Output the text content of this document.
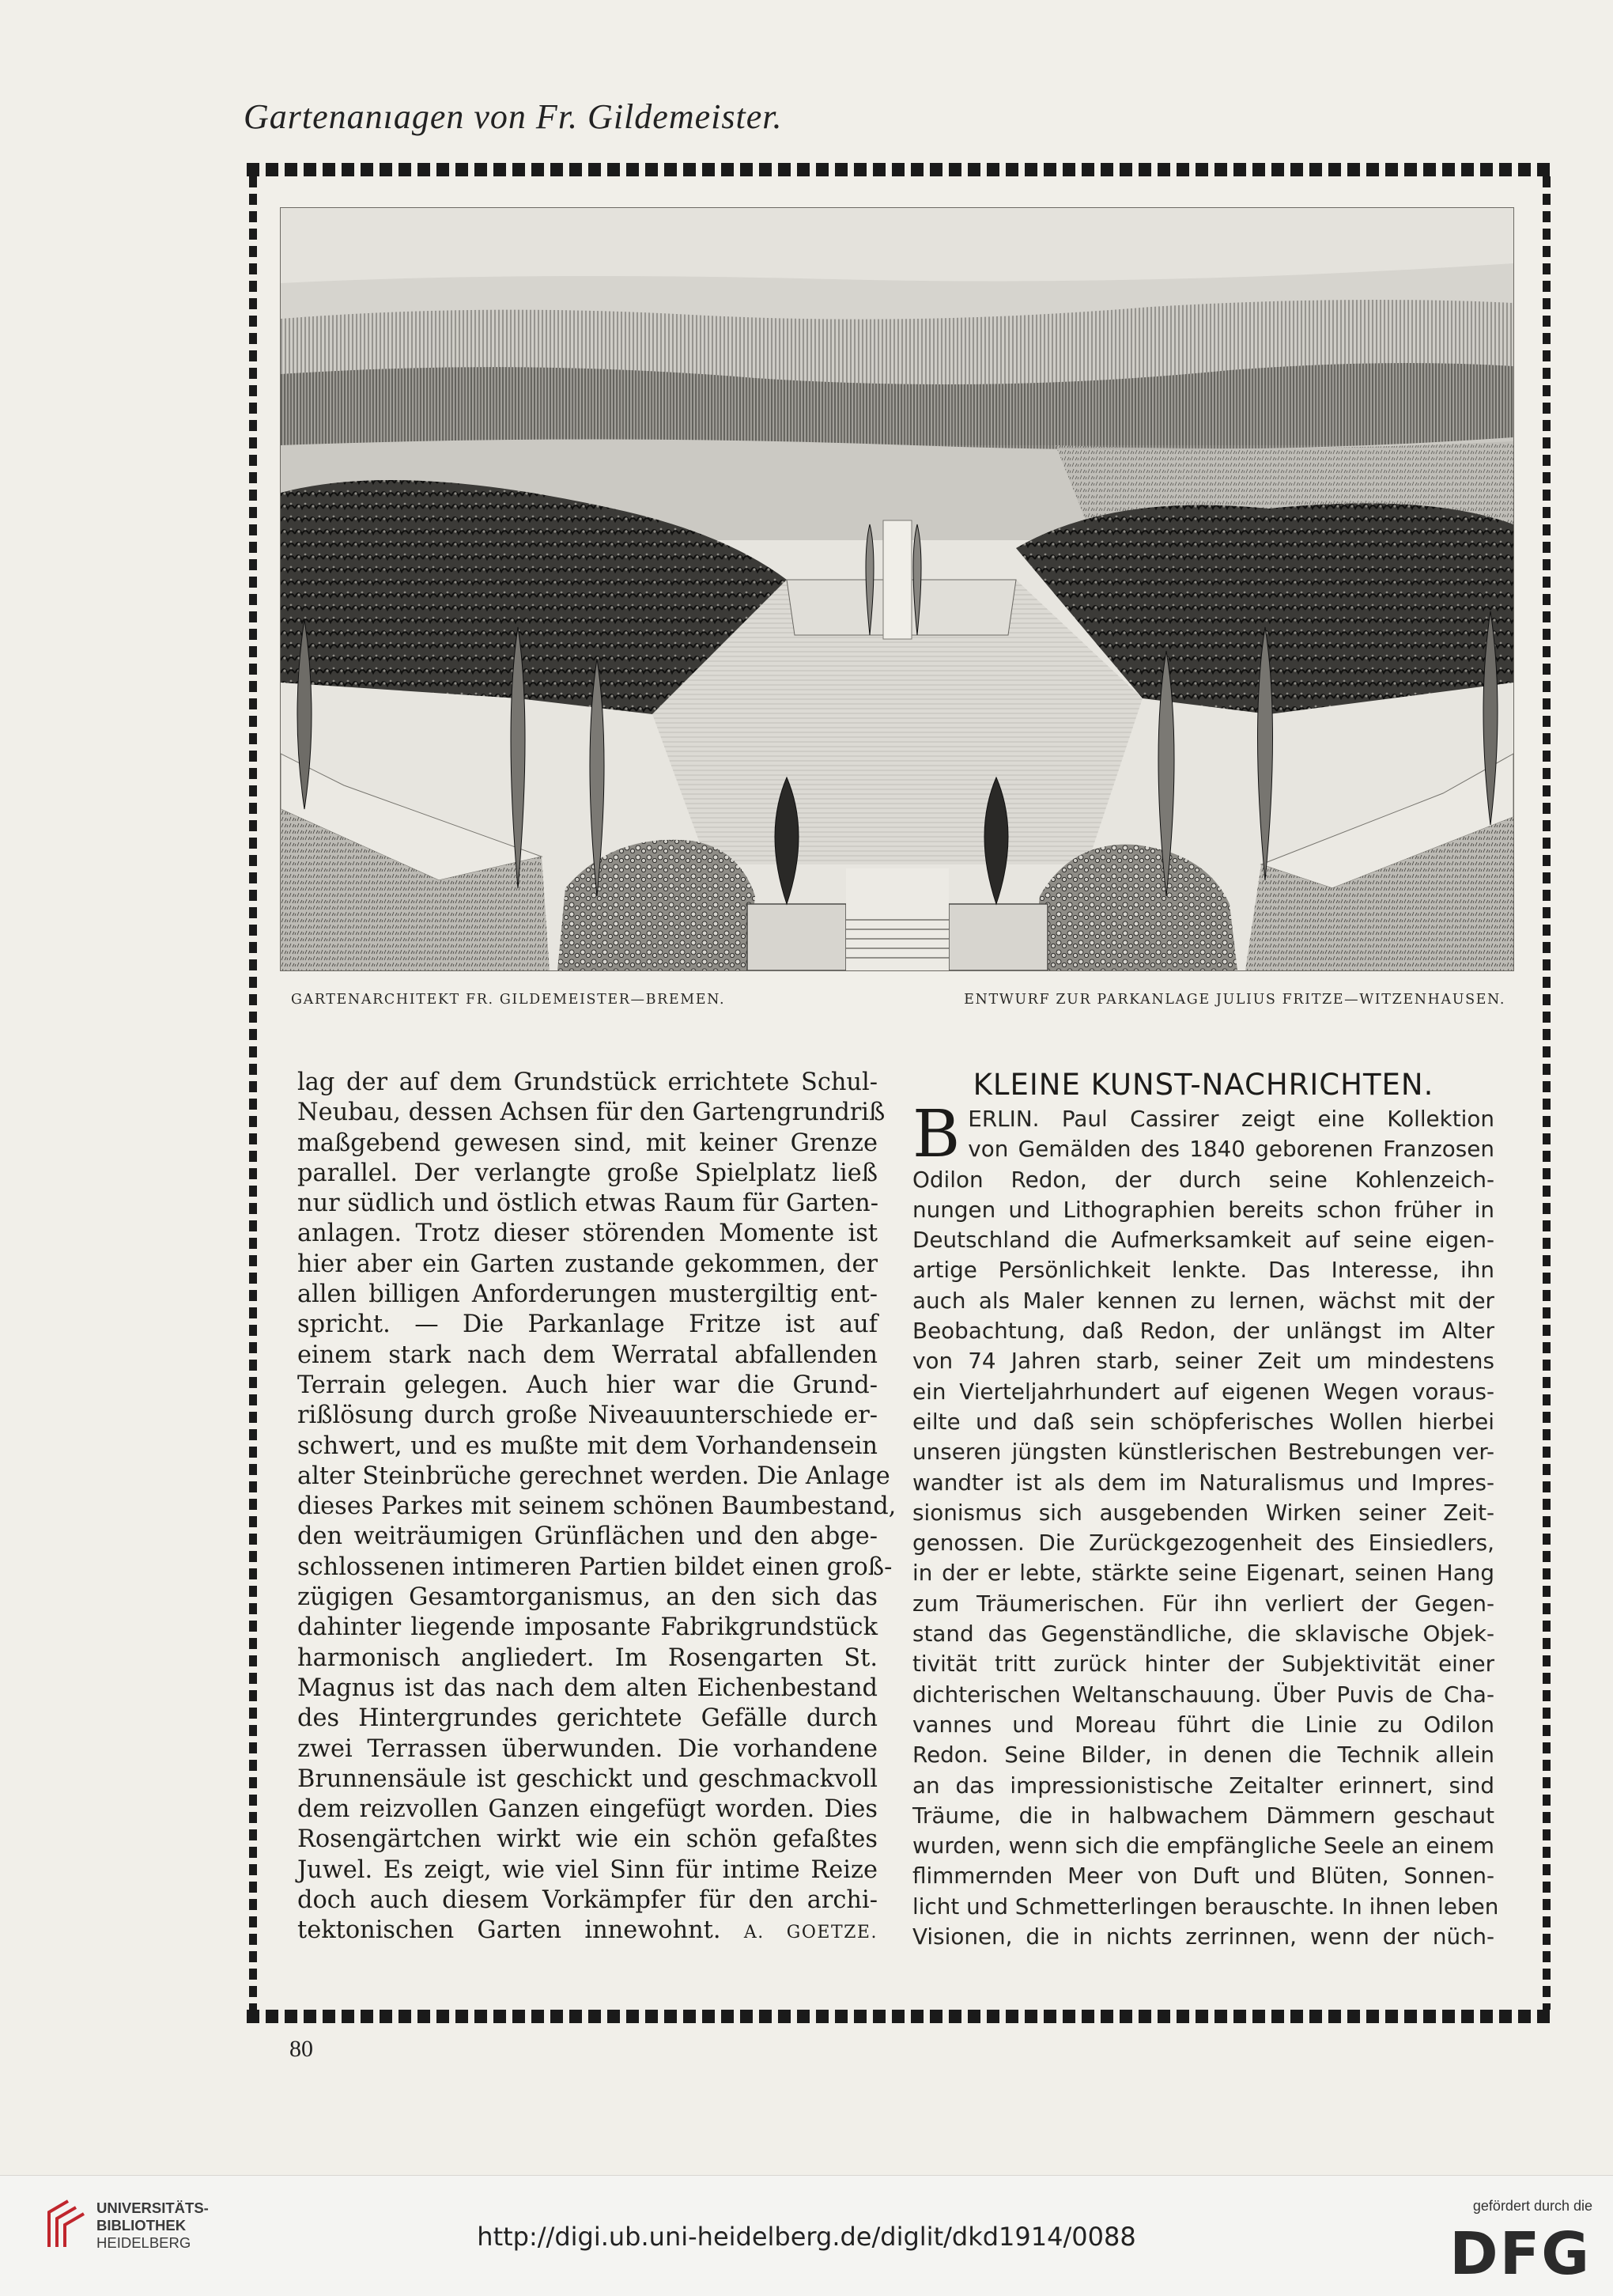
Gartenanıagen von Fr. Gildemeister.
GARTENARCHITEKT FR. GILDEMEISTER—BREMEN.	ENTWURF ZUR PARKANLAGE JULIUS FRITZE—WITZENHAUSEN.
lag der auf dem Grundstück errichtete Schul-
Neubau, dessen Achsen für den Gartengrundriß
maßgebend gewesen sind, mit keiner Grenze
parallel. Der verlangte große Spielplatz ließ
nur südlich und östlich etwas Raum für Garten-
anlagen. Trotz dieser störenden Momente ist
hier aber ein Garten zustande gekommen, der
allen billigen Anforderungen mustergiltig ent-
spricht. — Die Parkanlage Fritze ist auf
einem stark nach dem Werratal abfallenden
Terrain gelegen. Auch hier war die Grund-
rißlösung durch große Niveauunterschiede er-
schwert, und es mußte mit dem Vorhandensein
alter Steinbrüche gerechnet werden. Die Anlage
dieses Parkes mit seinem schönen Baumbestand,
den weiträumigen Grünflächen und den abge-
schlossenen intimeren Partien bildet einen groß-
zügigen Gesamtorganismus, an den sich das
dahinter liegende imposante Fabrikgrundstück
harmonisch angliedert. Im Rosengarten St.
Magnus ist das nach dem alten Eichenbestand
des Hintergrundes gerichtete Gefälle durch
zwei Terrassen überwunden. Die vorhandene
Brunnensäule ist geschickt und geschmackvoll
dem reizvollen Ganzen eingefügt worden. Dies
Rosengärtchen wirkt wie ein schön gefaßtes
Juwel. Es zeigt, wie viel Sinn für intime Reize
doch auch diesem Vorkämpfer für den archi-
tektonischen Garten innewohnt. A. GOETZE.
KLEINE KUNST-NACHRICHTEN.
B ERLIN. Paul Cassirer zeigt eine Kollektion
von Gemälden des 1840 geborenen Franzosen
Odilon Redon, der durch seine Kohlenzeich-
nungen und Lithographien bereits schon früher in
Deutschland die Aufmerksamkeit auf seine eigen-
artige Persönlichkeit lenkte. Das Interesse, ihn
auch als Maler kennen zu lernen, wächst mit der
Beobachtung, daß Redon, der unlängst im Alter
von 74 Jahren starb, seiner Zeit um mindestens
ein Vierteljahrhundert auf eigenen Wegen voraus-
eilte und daß sein schöpferisches Wollen hierbei
unseren jüngsten künstlerischen Bestrebungen ver-
wandter ist als dem im Naturalismus und Impres-
sionismus sich ausgebenden Wirken seiner Zeit-
genossen. Die Zurückgezogenheit des Einsiedlers,
in der er lebte, stärkte seine Eigenart, seinen Hang
zum Träumerischen. Für ihn verliert der Gegen-
stand das Gegenständliche, die sklavische Objek-
tivität tritt zurück hinter der Subjektivität einer
dichterischen Weltanschauung. Über Puvis de Cha-
vannes und Moreau führt die Linie zu Odilon
Redon. Seine Bilder, in denen die Technik allein
an das impressionistische Zeitalter erinnert, sind
Träume, die in halbwachem Dämmern geschaut
wurden, wenn sich die empfängliche Seele an einem
flimmernden Meer von Duft und Blüten, Sonnen-
licht und Schmetterlingen berauschte. In ihnen leben
Visionen, die in nichts zerrinnen, wenn der nüch-
80
UNIVERSITÄTS-
BIBLIOTHEK
HEIDELBERG	http://digi.ub.uni-heidelberg.de/diglit/dkd1914/0088
gefördert durch die
DFG
